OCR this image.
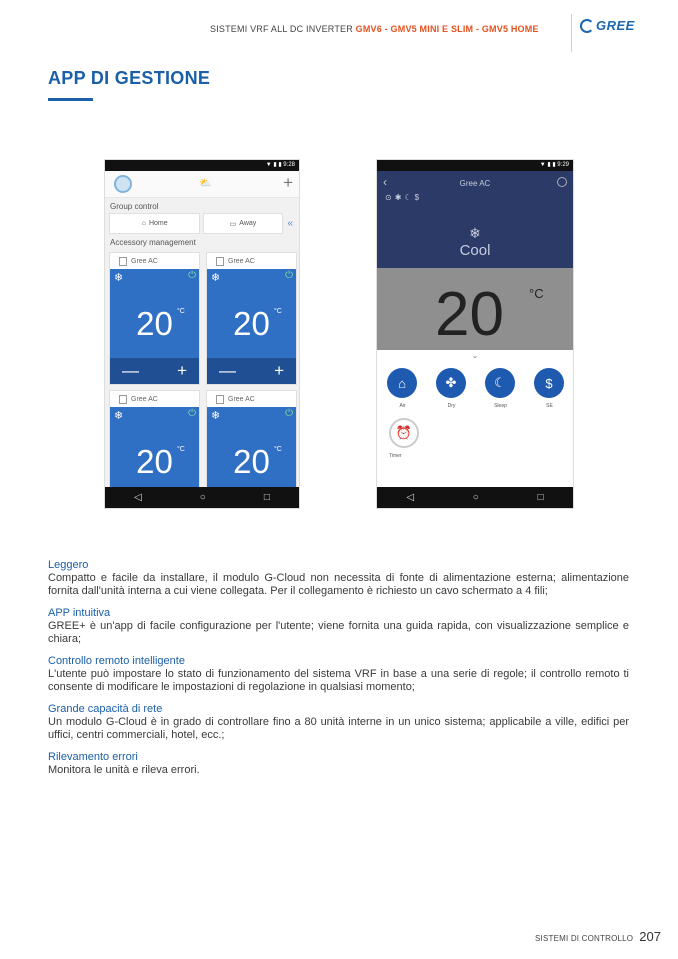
SISTEMI VRF ALL DC INVERTER GMV6 - GMV5 MINI E SLIM - GMV5 HOME	GREE
APP DI GESTIONE
▼ ▮ ▮ 9:28
⛅	+
Group control
⌂ Home	▭ Away	«
Accessory management
Gree AC
❄	⏻
20 °C
— +
Gree AC
❄	⏻
20 °C
— +
Gree AC
❄	⏻
20 °C
Gree AC
❄	⏻
20 °C
◁	○	□
▼ ▮ ▮ 9:29
‹	Gree AC
⊙✱☾$
❄
Cool
20 °C
⌄
⌂
Air
✤
Dry
☾
Sleep
$
SE
⏰
Timer
◁	○	□
Leggero
Compatto e facile da installare, il modulo G-Cloud non necessita di fonte di alimentazione esterna; alimentazione fornita dall'unità interna a cui viene collegata. Per il collegamento è richiesto un cavo schermato a 4 fili;
APP intuitiva
GREE+ è un'app di facile configurazione per l'utente; viene fornita una guida rapida, con visualizzazione semplice e chiara;
Controllo remoto intelligente
L'utente può impostare lo stato di funzionamento del sistema VRF in base a una serie di regole; il controllo remoto ti consente di modificare le impostazioni di regolazione in qualsiasi momento;
Grande capacità di rete
Un modulo G-Cloud è in grado di controllare fino a 80 unità interne in un unico sistema; applicabile a ville, edifici per uffici, centri commerciali, hotel, ecc.;
Rilevamento errori
Monitora le unità e rileva errori.
SISTEMI DI CONTROLLO 207
